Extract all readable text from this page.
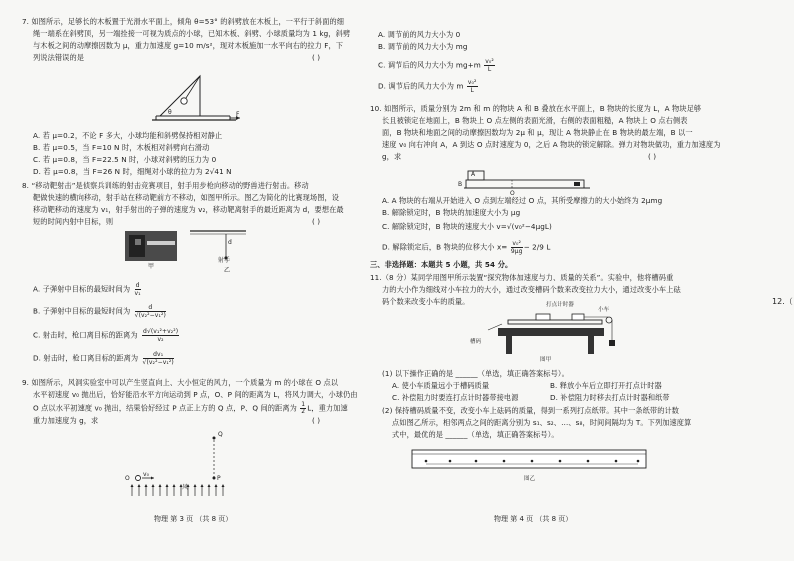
7. 如图所示，足够长的木板置于光滑水平面上，倾角 θ=53° 的斜劈放在木板上，一平行于斜面的细
绳一端系在斜劈顶，另一端拴接一可视为质点的小球，已知木板、斜劈、小球质量均为 1 kg，斜劈
与木板之间的动摩擦因数为 μ，重力加速度 g=10 m/s²，现对木板施加一水平向右的拉力 F，下
列说法错误的是	( )
θ	F
A. 若 μ=0.2，不论 F 多大，小球均能和斜劈保持相对静止
B. 若 μ=0.5，当 F=10 N 时，木板相对斜劈向右滑动
C. 若 μ=0.8，当 F=22.5 N 时，小球对斜劈的压力为 0
D. 若 μ=0.8，当 F=26 N 时，细绳对小球的拉力为 2√41 N
8. “移动靶射击”是侦察兵训练的射击竞赛项目，射手用步枪向移动的野兽进行射击。移动
靶做快速的横向移动，射手站在移动靶前方不移动，如图甲所示。图乙为简化的比赛现场图，设
移动靶移动的速度为 v₁，射手射出的子弹的速度为 v₂，移动靶离射手的最近距离为 d，要想在最
短的时间内射中目标，则	( )
甲
d
射手
乙
A. 子弹射中目标的最短时间为 $\frac{d}{\text{v₁}}$
B. 子弹射中目标的最短时间为 $\frac{d}{\text{√(v₂²−v₁²)}}$
C. 射击时，枪口离目标的距离为 $\frac{\text{d√(v₁²+v₂²)}}{\text{v₂}}$
D. 射击时，枪口离目标的距离为 $\frac{\text{dv₁}}{\text{√(v₂²−v₁²)}}$
9. 如图所示，风洞实验室中可以产生竖直向上、大小恒定的风力，一个质量为 m 的小球在 O 点以
水平初速度 v₀ 抛出后，恰好能沿水平方向运动到 P 点，O、P 间的距离为 L，将风力调大，小球仍由
O 点以水平初速度 v₀ 抛出，结果恰好经过 P 点正上方的 Q 点，P、Q 间的距离为 $\frac{1}{2}$ L，重力加速
重力加速度为 g，求	( )
O
v₀
P
Q
风
物理 第 3 页 （共 8 页）
A. 调节前的风力大小为 0
B. 调节前的风力大小为 mg
C. 调节后的风力大小为 $mg+m \frac{\text{v₀²}}{L}$
D. 调节后的风力大小为 m $\frac{\text{v₀²}}{L}$
10. 如图所示，质量分别为 2m 和 m 的物块 A 和 B 叠放在水平面上，B 物块的长度为 L，A 物块足够
长且被锁定在地面上，B 物块上 O 点左侧的表面光滑，右侧的表面粗糙，A 物块上 O 点右侧表
面，B 物块和地面之间的动摩擦因数均为 2μ 和 μ，现让 A 物块静止在 B 物块的最左端，B 以一
速度 v₀ 向右冲向 A，A 到达 O 点时速度为 0，之后 A 物块的锁定解除。弹力对物块做功，重力加速度为
g，求	( )
A
B
O
A. A 物块的右端从开始进入 O 点到左端经过 O 点，其所受摩擦力的大小始终为 2μmg
B. 解除锁定时，B 物块的加速度大小为 μg
C. 解除锁定时，B 物块的速度大小 v=√(v₀²−4μgL)
D. 解除锁定后，B 物块的位移大小 $x= \frac{\text{v₀²}}{9\mu g} - 2/9$ L
三、非选择题：本题共 5 小题，共 54 分。
11.（8 分）某同学用图甲所示装置“探究物体加速度与力、质量的关系”。实验中，他将槽码重
力的大小作为细线对小车拉力的大小，通过改变槽码个数来改变拉力大小，通过改变小车上砝
码个数来改变小车的质量。	打点计时器
小车
槽码
图甲
(1) 以下操作正确的是 ______（单选，填正确答案标号）。
A. 使小车质量远小于槽码质量	B. 释放小车后立即打开打点计时器
C. 补偿阻力时要连打点计时器带接电源	D. 补偿阻力时移去打点计时器和纸带
(2) 保持槽码质量不变，改变小车上砝码的质量，得到一系列打点纸带。其中一条纸带的计数
点如图乙所示，相邻两点之间的距离分别为 s₁、s₂、…、s₈，时间间隔均为 T。下列加速度算
式中，最优的是 ______（单选，填正确答案标号）。
图乙
物理 第 4 页 （共 8 页）
12.（
